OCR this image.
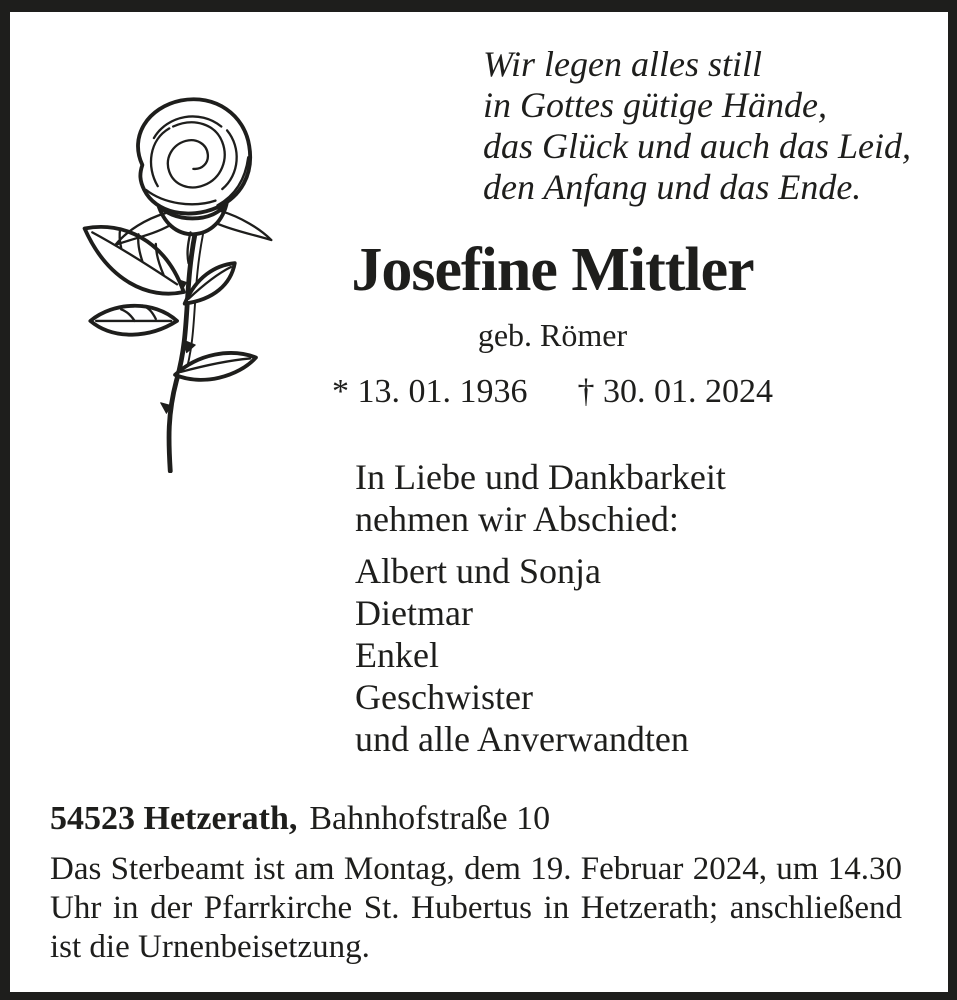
Wir legen alles still
in Gottes gütige Hände,
das Glück und auch das Leid,
den Anfang und das Ende.
Josefine Mittler
geb. Römer
* 13. 01. 1936 † 30. 01. 2024
In Liebe und Dankbarkeit
nehmen wir Abschied:
Albert und Sonja
Dietmar
Enkel
Geschwister
und alle Anverwandten
54523 Hetzerath, Bahnhofstraße 10
Das Sterbeamt ist am Montag, dem 19. Februar 2024, um 14.30 Uhr in der Pfarrkirche St. Hubertus in Hetzerath; anschließend ist die Urnenbeisetzung.
